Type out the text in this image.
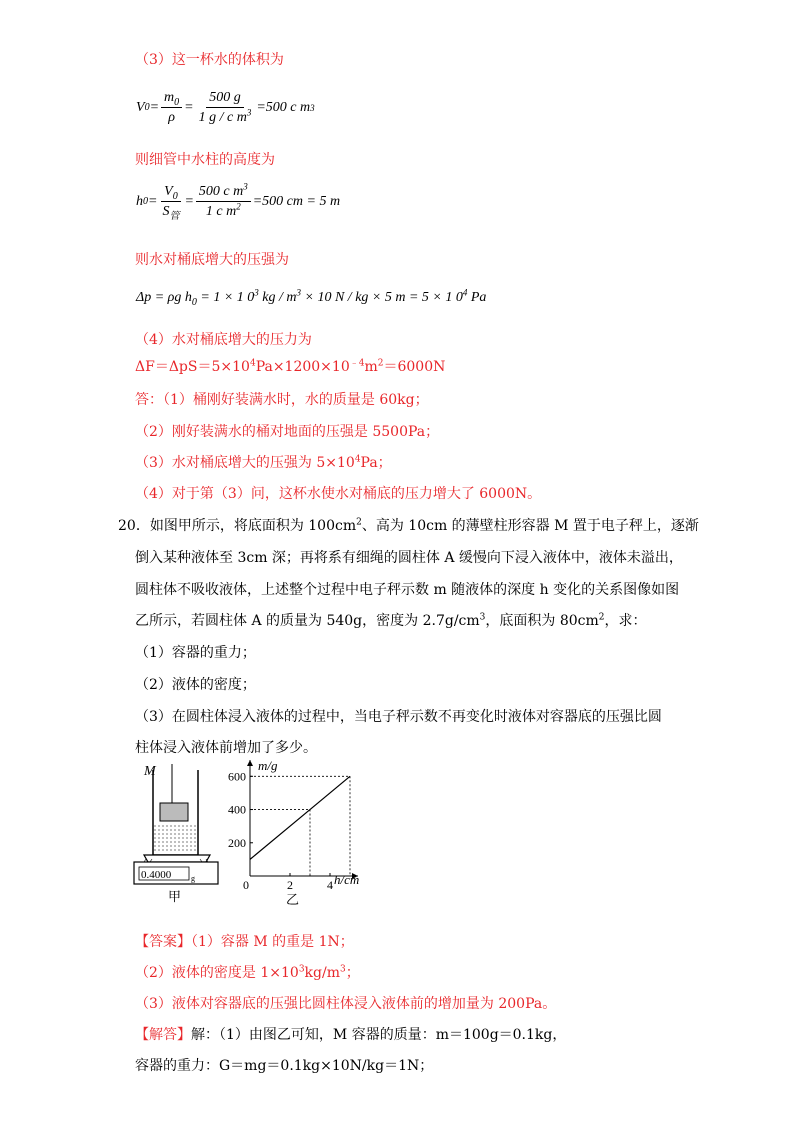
（3）这一杯水的体积为
V $0 = \frac{m_0}{\rho} = \frac{500 g}{1 g / c m^3} =500$ c m 3
则细管中水柱的高度为
h $0 = \frac{V_0}{S_管} = \frac{500 c m^3}{1 c m^2} =500$ cm = 5 m
则水对桶底增大的压强为
Δp = ρg $h_0 = 1 \times 1$ $0^3$ kg / $m^3 \times 10$ N / kg × 5 m = 5 × 1 $0^4$ Pa
（4）水对桶底增大的压力为
$\Delta F=\Delta pS=5\times 10^4Pa\times 1200\times 10^{﹣4}m^2=6000N$
答：（1）桶刚好装满水时，水的质量是 60kg；
（2）刚好装满水的桶对地面的压强是 5500Pa；
（3）水对桶底增大的压强为 $5\times 10^4Pa$；
（4）对于第（3）问，这杯水使水对桶底的压力增大了 6000N。
20．如图甲所示，将底面积为 $100cm^2$、高为 10cm 的薄壁柱形容器 M 置于电子秤上，逐渐
倒入某种液体至 3cm 深；再将系有细绳的圆柱体 A 缓慢向下浸入液体中，液体未溢出，
圆柱体不吸收液体，上述整个过程中电子秤示数 m 随液体的深度 h 变化的关系图像如图
乙所示，若圆柱体 A 的质量为 540g，密度为 $2.7g/cm^3$，底面积为 $80cm^2$，求：
（1）容器的重力；
（2）液体的密度；
（3）在圆柱体浸入液体的过程中，当电子秤示数不再变化时液体对容器底的压强比圆
柱体浸入液体前增加了多少。
M
0.4000 g
甲
0	2	4
200
400
600
m/g
h/cm
乙
【答案】（1）容器 M 的重是 1N；
（2）液体的密度是 $1\times 10^3kg/m^3$；
（3）液体对容器底的压强比圆柱体浸入液体前的增加量为 200Pa。
【解答】解：（1）由图乙可知，M 容器的质量：m＝100g＝0.1kg，
容器的重力：G＝mg＝0.1kg×10N/kg＝1N；
